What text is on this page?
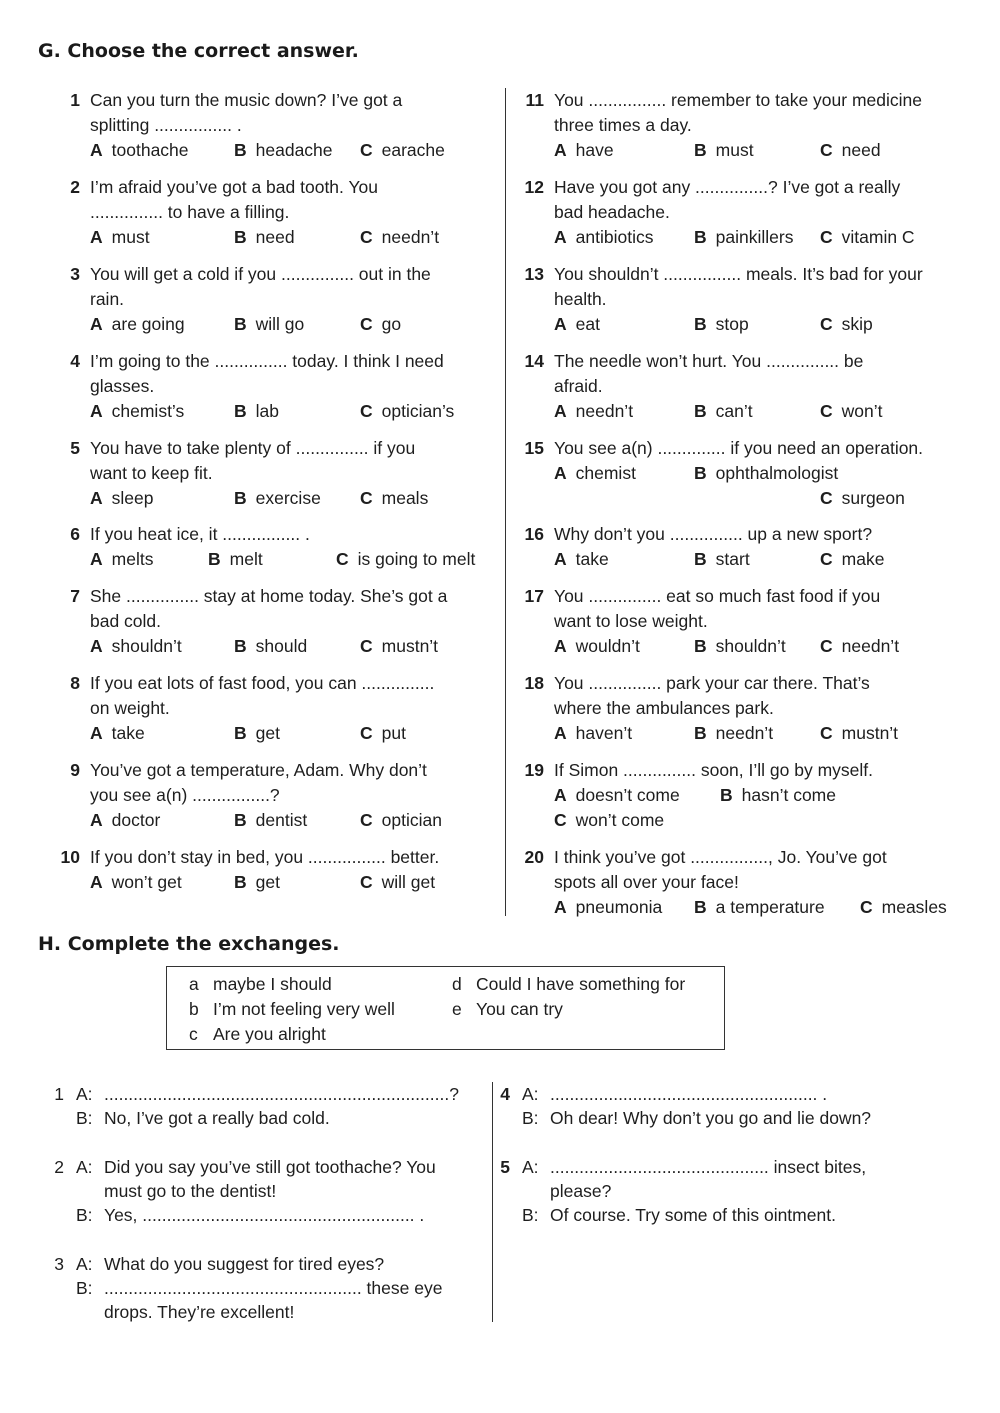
G. Choose the correct answer.
1 Can you turn the music down? I’ve got a
splitting ................ .
A toothache	B headache C earache
2 I’m afraid you’ve got a bad tooth. You
............... to have a filling.
A must	B need	C needn’t
3 You will get a cold if you ............... out in the
rain.
A are going	B will go	C go
4 I’m going to the ............... today. I think I need
glasses.
A chemist’s	B lab	C optician’s
5 You have to take plenty of ............... if you
want to keep fit.
A sleep	B exercise C meals
6 If you heat ice, it ................ .
A melts	B melt	C is going to melt
7 She ............... stay at home today. She’s got a
bad cold.
A shouldn’t	B should	C mustn’t
8 If you eat lots of fast food, you can ...............
on weight.
A take	B get	C put
9 You’ve got a temperature, Adam. Why don’t
you see a(n) ................?
A doctor	B dentist	C optician
10 If you don’t stay in bed, you ................ better.
A won’t get	B get	C will get
11 You ................ remember to take your medicine
three times a day.
A have	B must	C need
12 Have you got any ...............? I’ve got a really
bad headache.
A antibiotics B painkillers C vitamin C
13 You shouldn’t ................ meals. It’s bad for your
health.
A eat	B stop	C skip
14 The needle won’t hurt. You ............... be
afraid.
A needn’t	B can’t	C won’t
15 You see a(n) .............. if you need an operation.
A chemist	B ophthalmologist
C surgeon
16 Why don’t you ............... up a new sport?
A take	B start	C make
17 You ............... eat so much fast food if you
want to lose weight.
A wouldn’t	B shouldn’t C needn’t
18 You ............... park your car there. That’s
where the ambulances park.
A haven’t	B needn’t	C mustn’t
19 If Simon ............... soon, I’ll go by myself.
A doesn’t come B hasn’t come
C won’t come
20 I think you’ve got ................, Jo. You’ve got
spots all over your face!
A pneumonia B a temperature C measles
H. Complete the exchanges.
a maybe I should
b I’m not feeling very well
c Are you alright
d Could I have something for
e You can try
1 A: .......................................................................?
B: No, I’ve got a really bad cold.
2 A: Did you say you’ve still got toothache? You
must go to the dentist!
B: Yes, ........................................................ .
3 A: What do you suggest for tired eyes?
B: ..................................................... these eye
drops. They’re excellent!
4 A: ....................................................... .
B: Oh dear! Why don’t you go and lie down?
5 A: ............................................. insect bites,
please?
B: Of course. Try some of this ointment.
